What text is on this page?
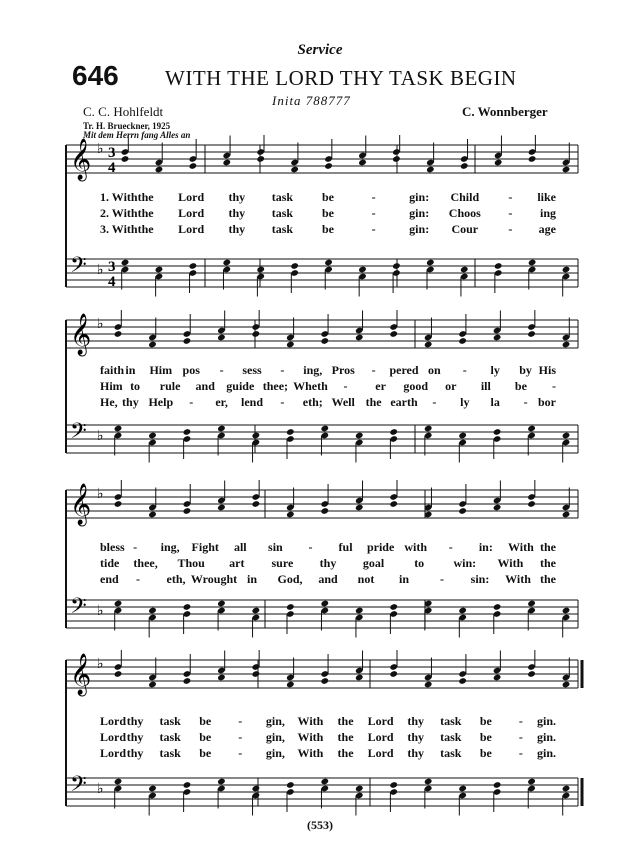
Service
646 WITH THE LORD THY TASK BEGIN
Inita 788777
C. C. Hohlfeldt	C. Wonnberger
Tr. H. Brueckner, 1925
Mit dem Herrn fang Alles an
𝄞 ♭ 3
4
1. With the Lord thy task be	-	gin: Child - like
2. With the Lord thy task be	-	gin: Choos - ing
3. With the Lord thy task be	-	gin: Cour	- age
𝄢 ♭ 3
4
𝄞 ♭
faith in Him pos - sess - ing, Pros - pered on - ly by His
Him to rule and guide thee; Wheth - er good or ill be -
He, thy Help - er, lend - eth; Well the earth - ly la - bor
𝄢 ♭
𝄞 ♭
bless - ing, Fight all sin - ful pride with - in: With the
tide thee, Thou art sure thy goal to win: With the
end - eth, Wrought in God, and not in	- sin: With the
𝄢 ♭
𝄞 ♭
Lord thy task be - gin, With the Lord thy task be - gin.
Lord thy task be - gin, With the Lord thy task be - gin.
Lord thy task be - gin, With the Lord thy task be - gin.
𝄢 ♭
(553)
